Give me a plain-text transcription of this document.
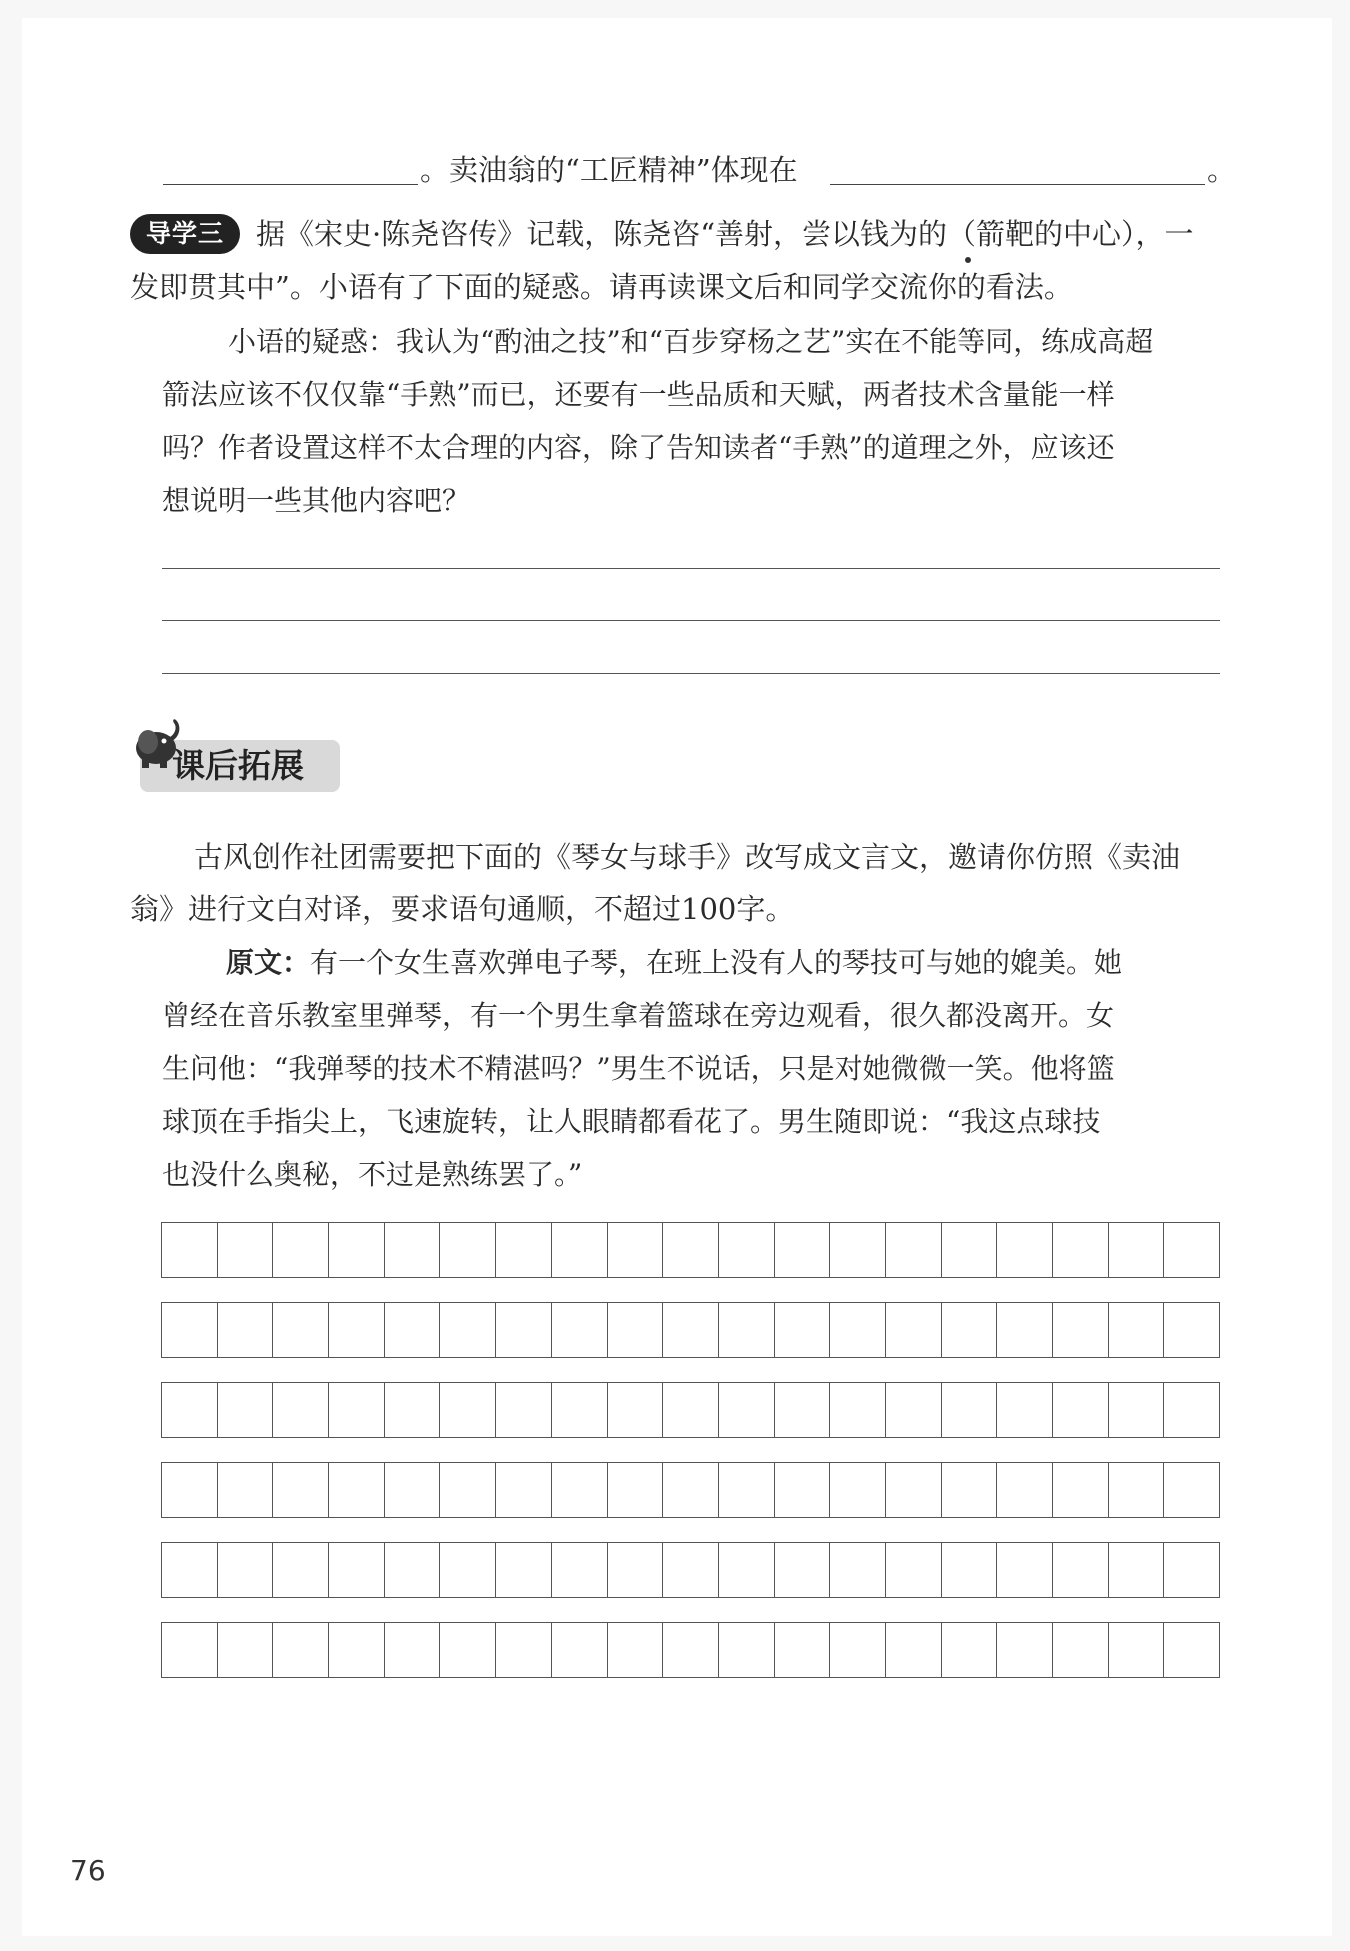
。卖油翁的“工匠精神”体现在	。
导学三	据《宋史·陈尧咨传》记载，陈尧咨“善射，尝以钱为的（箭靶的中心），一
发即贯其中”。小语有了下面的疑惑。请再读课文后和同学交流你的看法。
小语的疑惑：我认为“酌油之技”和“百步穿杨之艺”实在不能等同，练成高超
箭法应该不仅仅靠“手熟”而已，还要有一些品质和天赋，两者技术含量能一样
吗？作者设置这样不太合理的内容，除了告知读者“手熟”的道理之外，应该还
想说明一些其他内容吧？
课后拓展
古风创作社团需要把下面的《琴女与球手》改写成文言文，邀请你仿照《卖油
翁》进行文白对译，要求语句通顺，不超过100字。
原文：有一个女生喜欢弹电子琴，在班上没有人的琴技可与她的媲美。她
曾经在音乐教室里弹琴，有一个男生拿着篮球在旁边观看，很久都没离开。女
生问他：“我弹琴的技术不精湛吗？”男生不说话，只是对她微微一笑。他将篮
球顶在手指尖上，飞速旋转，让人眼睛都看花了。男生随即说：“我这点球技
也没什么奥秘，不过是熟练罢了。”
76
